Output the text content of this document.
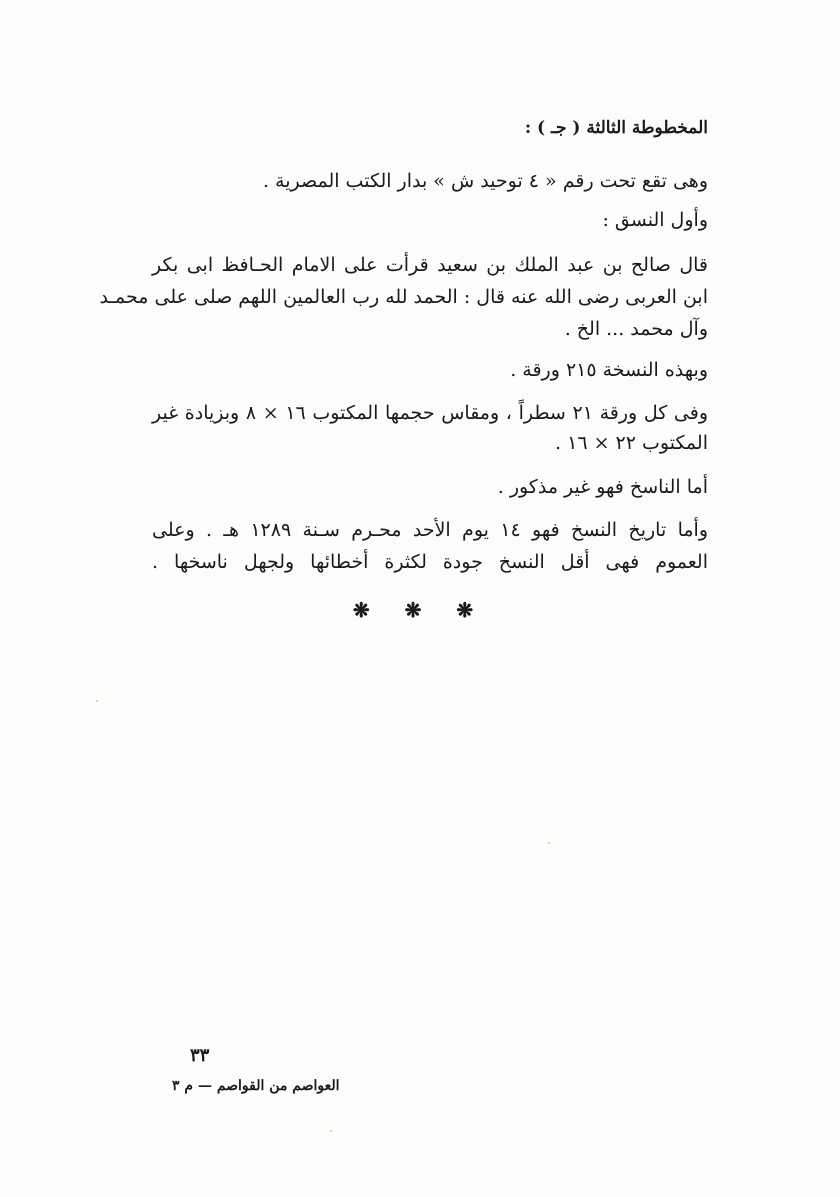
المخطوطة الثالثة ( جـ ) :
وهى تقع تحت رقم « ٤ توحيد ش » بدار الكتب المصرية .
وأول النسق :
قال صالح بن عبد الملك بن سعيد قرأت على الامام الحـافظ ابى بكر
ابن العربى رضى الله عنه قال : الحمد لله رب العالمين اللهم صلى على محمـد
وآل محمد ... الخ .
وبهذه النسخة ٢١٥ ورقة .
وفى كل ورقة ٢١ سطراً ، ومقاس حجمها المكتوب ١٦ × ٨ وبزيادة غير
المكتوب ٢٢ × ١٦ .
أما الناسخ فهو غير مذكور .
وأما تاريخ النسخ فهو ١٤ يوم الأحد محـرم سـنة ١٢٨٩ هـ . وعلى
العموم فهى أقل النسخ جودة لكثرة أخطائها ولجهل ناسخها .
❋ ❋ ❋
٣٣
العواصم من القواصم — م ٣
